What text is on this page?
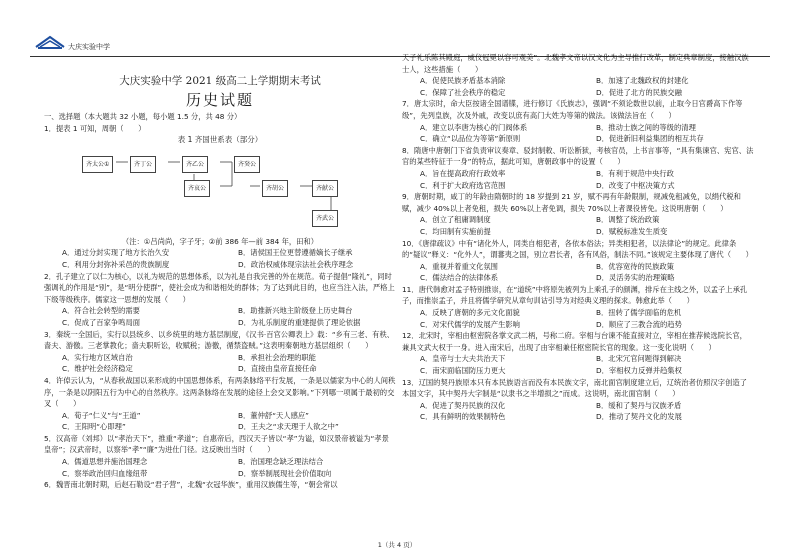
大庆实验中学
大庆实验中学 2021 级高二上学期期末考试
历史试题

一、选择题（本大题共 32 小题，每小题 1.5 分，共 48 分）

1．提表 1 可知，周朝（　　）

表 1 齐国世系表（部分）
齐太公①	齐丁公	齐乙公	齐癸公
齐哀公	齐胡公	齐献公
齐武公
（注：①吕尚尚，字子牙；②前 386 年—前 384 年，田和）
A．通过分封实现了地方长治久安	B．诸侯国王位更替遵循嫡长子继承
C．利用分封弥补采邑的贵族制度	D．政治权威体现宗法社会秩序理念

2．孔子建立了以仁为核心，以礼为规范的思想体系，以为礼是自我完善的外在规范。荀子提倡“隆礼”，同时强调礼的作用是“别”，是“明分使群”，使社会成为和谐相处的群体；为了达到此目的，也应当注入法，严格上下级等级秩序。儒家这一思想的发展（　　）

A．符合社会转型的需要	B．助推新兴地主阶级登上历史舞台
C．促成了百家争鸣局面	D．为礼乐制度的重建提供了理论依据

3．秦统一全国后，实行以县统乡、以乡统里的地方基层制度，《汉书·百官公卿表上》载：“乡有三老、有秩、啬夫、游徼。三老掌教化；啬夫职听讼，收赋税；游徼，循禁盗贼。”这表明秦朝地方基层组织（　　）

A．实行地方区域自治	B．承担社会治理的职能
C．维护社会经济稳定	D．直接由皇帝直接任命

4．许倬云认为，“从春秋战国以来形成的中国思想体系，有两条脉络平行发展，一条是以儒家为中心的人间秩序，一条是以阴阳五行为中心的自然秩序。这两条脉络在发展的途径上会交叉影响。”下列哪一项属于最初的交叉（　　）

A．荀子“仁义”与“王道”	B．董仲舒“天人感应”
C．王阳明“心即理”	D．王夫之“求天理于人欲之中”

5．汉高帝（刘邦）以“孝治天下”，推重“孝道”；自惠帝后，西汉天子皆以“孝”为谥，如汉景帝被谥为“孝景皇帝”；汉武帝时，以察举“孝”“廉”为进仕门径。这反映出当时（　　）

A．儒道思想并施治国理念	B．治国理念缺乏理法结合
C．察举政治回归血缘纽带	D．察举制展现社会价值取向

6．魏晋南北朝时期，后赵石勒设“君子营”，北魏“衣冠华族”，重用汉族儒生等，“朝会常以

天子礼乐陈其殿庭，威仪冠冕以容可观美”。北魏孝文帝以汉文化为主导推行改革，制定典章制度，接触汉族士人，这些措施（　　）

A．促使民族矛盾基本消除	B．加速了北魏政权的封建化
C．保障了社会秩序的稳定	D．促进了北方的民族交融

7．唐太宗时，命大臣按诸全国谱牒，进行修订《氏族志》，强调“不须论数世以前，止取今日官爵高下作等级”，先列皇族，次及外戚，改变以庶有高门大姓为等第的做法。该做法旨在（　　）

A．建立以李唐为核心的门阀体系	B．推动士族之间的等级的清理
C．确立“以品位为等第”新原则	D．促进新旧利益集团的相互共存

8．隋唐中唐朝门下省负责审议奏章、驳封制敕、听讼断狱，考核官员，上书言事等，“具有集谏官、宪官、法官的某些特征于一身”的特点，据此可知，唐朝政事中的设置（　　）

A．旨在提高政府行政效率	B．有利于规范中央行政
C．利于扩大政府选官范围	D．改变了中枢决策方式

9．唐朝时期，咸丁的年龄由隋朝时的 18 岁提到 21 岁，赋不再有年龄限制，规减免租减免，以绢代税和赋，减少 40%以上者免租，损失 60%以上者免调，损失 70%以上者课役皆免。这说明唐朝（　　）

A．创立了租庸调制度	B．调整了统治政策
C．均田制有实施前提	D．赋税标准发生质变

10．《唐律疏议》中有“诸化外人，同类自相犯者，各依本俗法；异类相犯者，以法律论”的规定。此律条的“疑议”释义：“化外人”，谓蕃夷之国，别立君长者，各有风俗，制法不同。”该规定主要体现了唐代（　　）

A．重视并着重文化氛围	B．优容宽待的民族政策
C．儒法结合的法律体系	D．灵活务实的治理策略

11．唐代韩愈对孟子特别推崇，在“道统”中将原先被列为上乘孔子的颜渊，排斥在主线之外，以孟子上承孔子，而推崇孟子，并且将儒学研究从章句训诂引导为对经典义理的探求。韩愈此举（　　）

A．反映了唐朝的多元文化面貌	B．扭转了儒学面临的危机
C．对宋代儒学的发展产生影响	D．顺应了三教合流的趋势

12．北宋时，宰相由枢密院各掌文武二柄，号称二府。宰相与台谏不能直接对立，宰相在推荐候选院长官，兼具文武大权于一身。进入南宋后，出现了由宰相兼任枢密院长官的现象。这一变化说明（　　）

A．皇帝与士大夫共治天下	B．北宋冗官问题得到解决
C．南宋面临国防压力更大	D．宰相权力反弹并趋集权

13．辽国的契丹族原本只有本民族语言而没有本民族文字，南北面官制度建立后，辽统治者仿照汉字创造了本国文字，其中契丹大字制是“以隶书之半增损之”而成。这说明，南北面官制（　　）

A．促进了契丹民族的汉化	B．缓和了契丹与汉族矛盾
C．具有鲜明的效果制特色	D．推动了契丹文化的发展
1（共 4 页）
